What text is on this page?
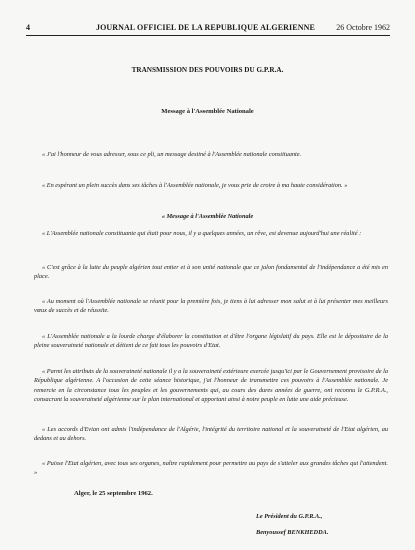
4	JOURNAL OFFICIEL DE LA REPUBLIQUE ALGERIENNE	26 Octobre 1962
TRANSMISSION DES POUVOIRS DU G.P.R.A.
Message à l'Assemblée Nationale
« J'ai l'honneur de vous adresser, sous ce pli, un message destiné à l'Assemblée nationale constituante.
« En espérant un plein succès dans ses tâches à l'Assemblée nationale, je vous prie de croire à ma haute considération. »
« Message à l'Assemblée Nationale
« L'Assemblée nationale constituante qui était pour nous, il y a quelques années, un rêve, est devenue aujourd'hui une réalité :
« C'est grâce à la lutte du peuple algérien tout entier et à son unité nationale que ce jalon fondamental de l'indépendance a été mis en place.
« Au moment où l'Assemblée nationale se réunit pour la première fois, je tiens à lui adresser mon salut et à lui présenter mes meilleurs vœux de succès et de réussite.
« L'Assemblée nationale a la lourde charge d'élaborer la constitution et d'être l'organe législatif du pays. Elle est le dépositaire de la pleine souveraineté nationale et détient de ce fait tous les pouvoirs d'Etat.
« Parmi les attributs de la souveraineté nationale il y a la souveraineté extérieure exercée jusqu'ici par le Gouvernement provisoire de la République algérienne. A l'occasion de cette séance historique, j'ai l'honneur de transmettre ces pouvoirs à l'Assemblée nationale. Je remercie en la circonstance tous les peuples et les gouvernements qui, au cours des dures années de guerre, ont reconnu le G.P.R.A., consacrant la souveraineté algérienne sur le plan international et apportant ainsi à notre peuple en lutte une aide précieuse.
« Les accords d'Evian ont admis l'indépendance de l'Algérie, l'intégrité du territoire national et la souveraineté de l'Etat algérien, au dedans et au dehors.
« Puisse l'Etat algérien, avec tous ses organes, naître rapidement pour permettre au pays de s'atteler aux grandes tâches qui l'attendent. »
Alger, le 25 septembre 1962.
Le Président du G.P.R.A.,
Benyoussef BENKHEDDA.
